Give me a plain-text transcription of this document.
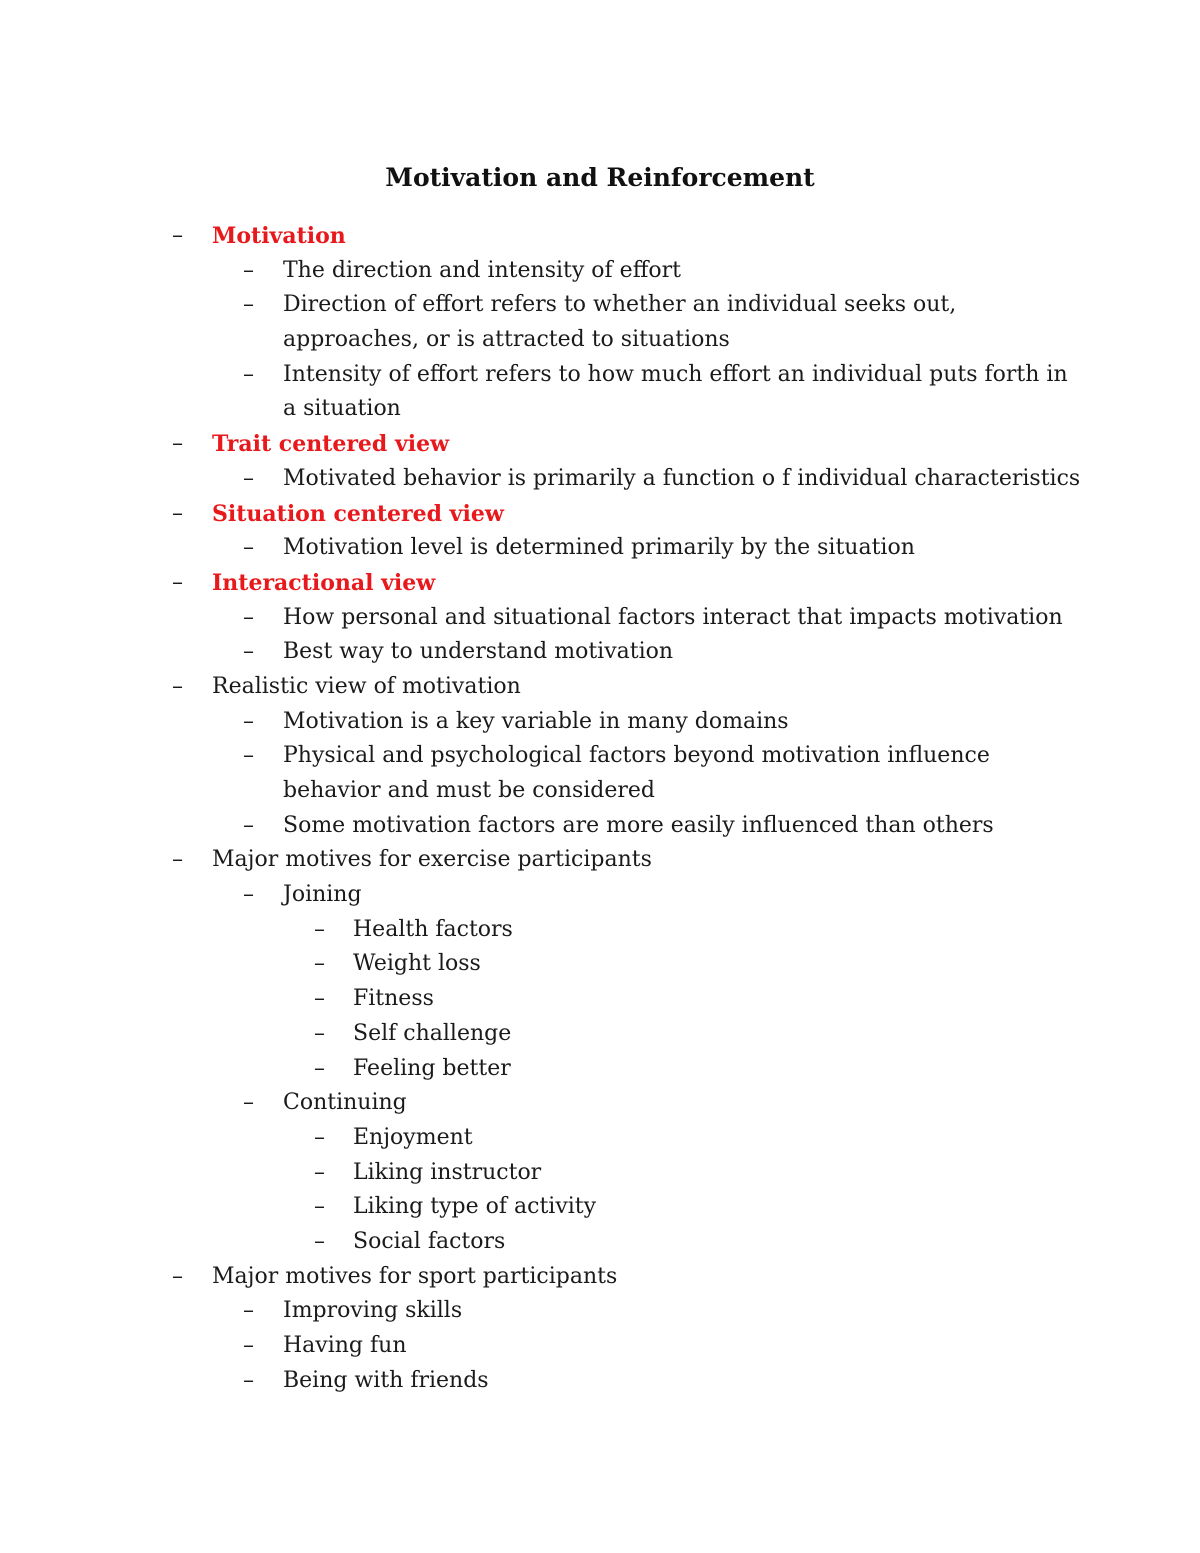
Motivation and Reinforcement
– Motivation
– The direction and intensity of effort
– Direction of effort refers to whether an individual seeks out,
approaches, or is attracted to situations
– Intensity of effort refers to how much effort an individual puts forth in
a situation
– Trait centered view
– Motivated behavior is primarily a function o f individual characteristics
– Situation centered view
– Motivation level is determined primarily by the situation
– Interactional view
– How personal and situational factors interact that impacts motivation
– Best way to understand motivation
– Realistic view of motivation
– Motivation is a key variable in many domains
– Physical and psychological factors beyond motivation influence
behavior and must be considered
– Some motivation factors are more easily influenced than others
– Major motives for exercise participants
– Joining
– Health factors
– Weight loss
– Fitness
– Self challenge
– Feeling better
– Continuing
– Enjoyment
– Liking instructor
– Liking type of activity
– Social factors
– Major motives for sport participants
– Improving skills
– Having fun
– Being with friends
